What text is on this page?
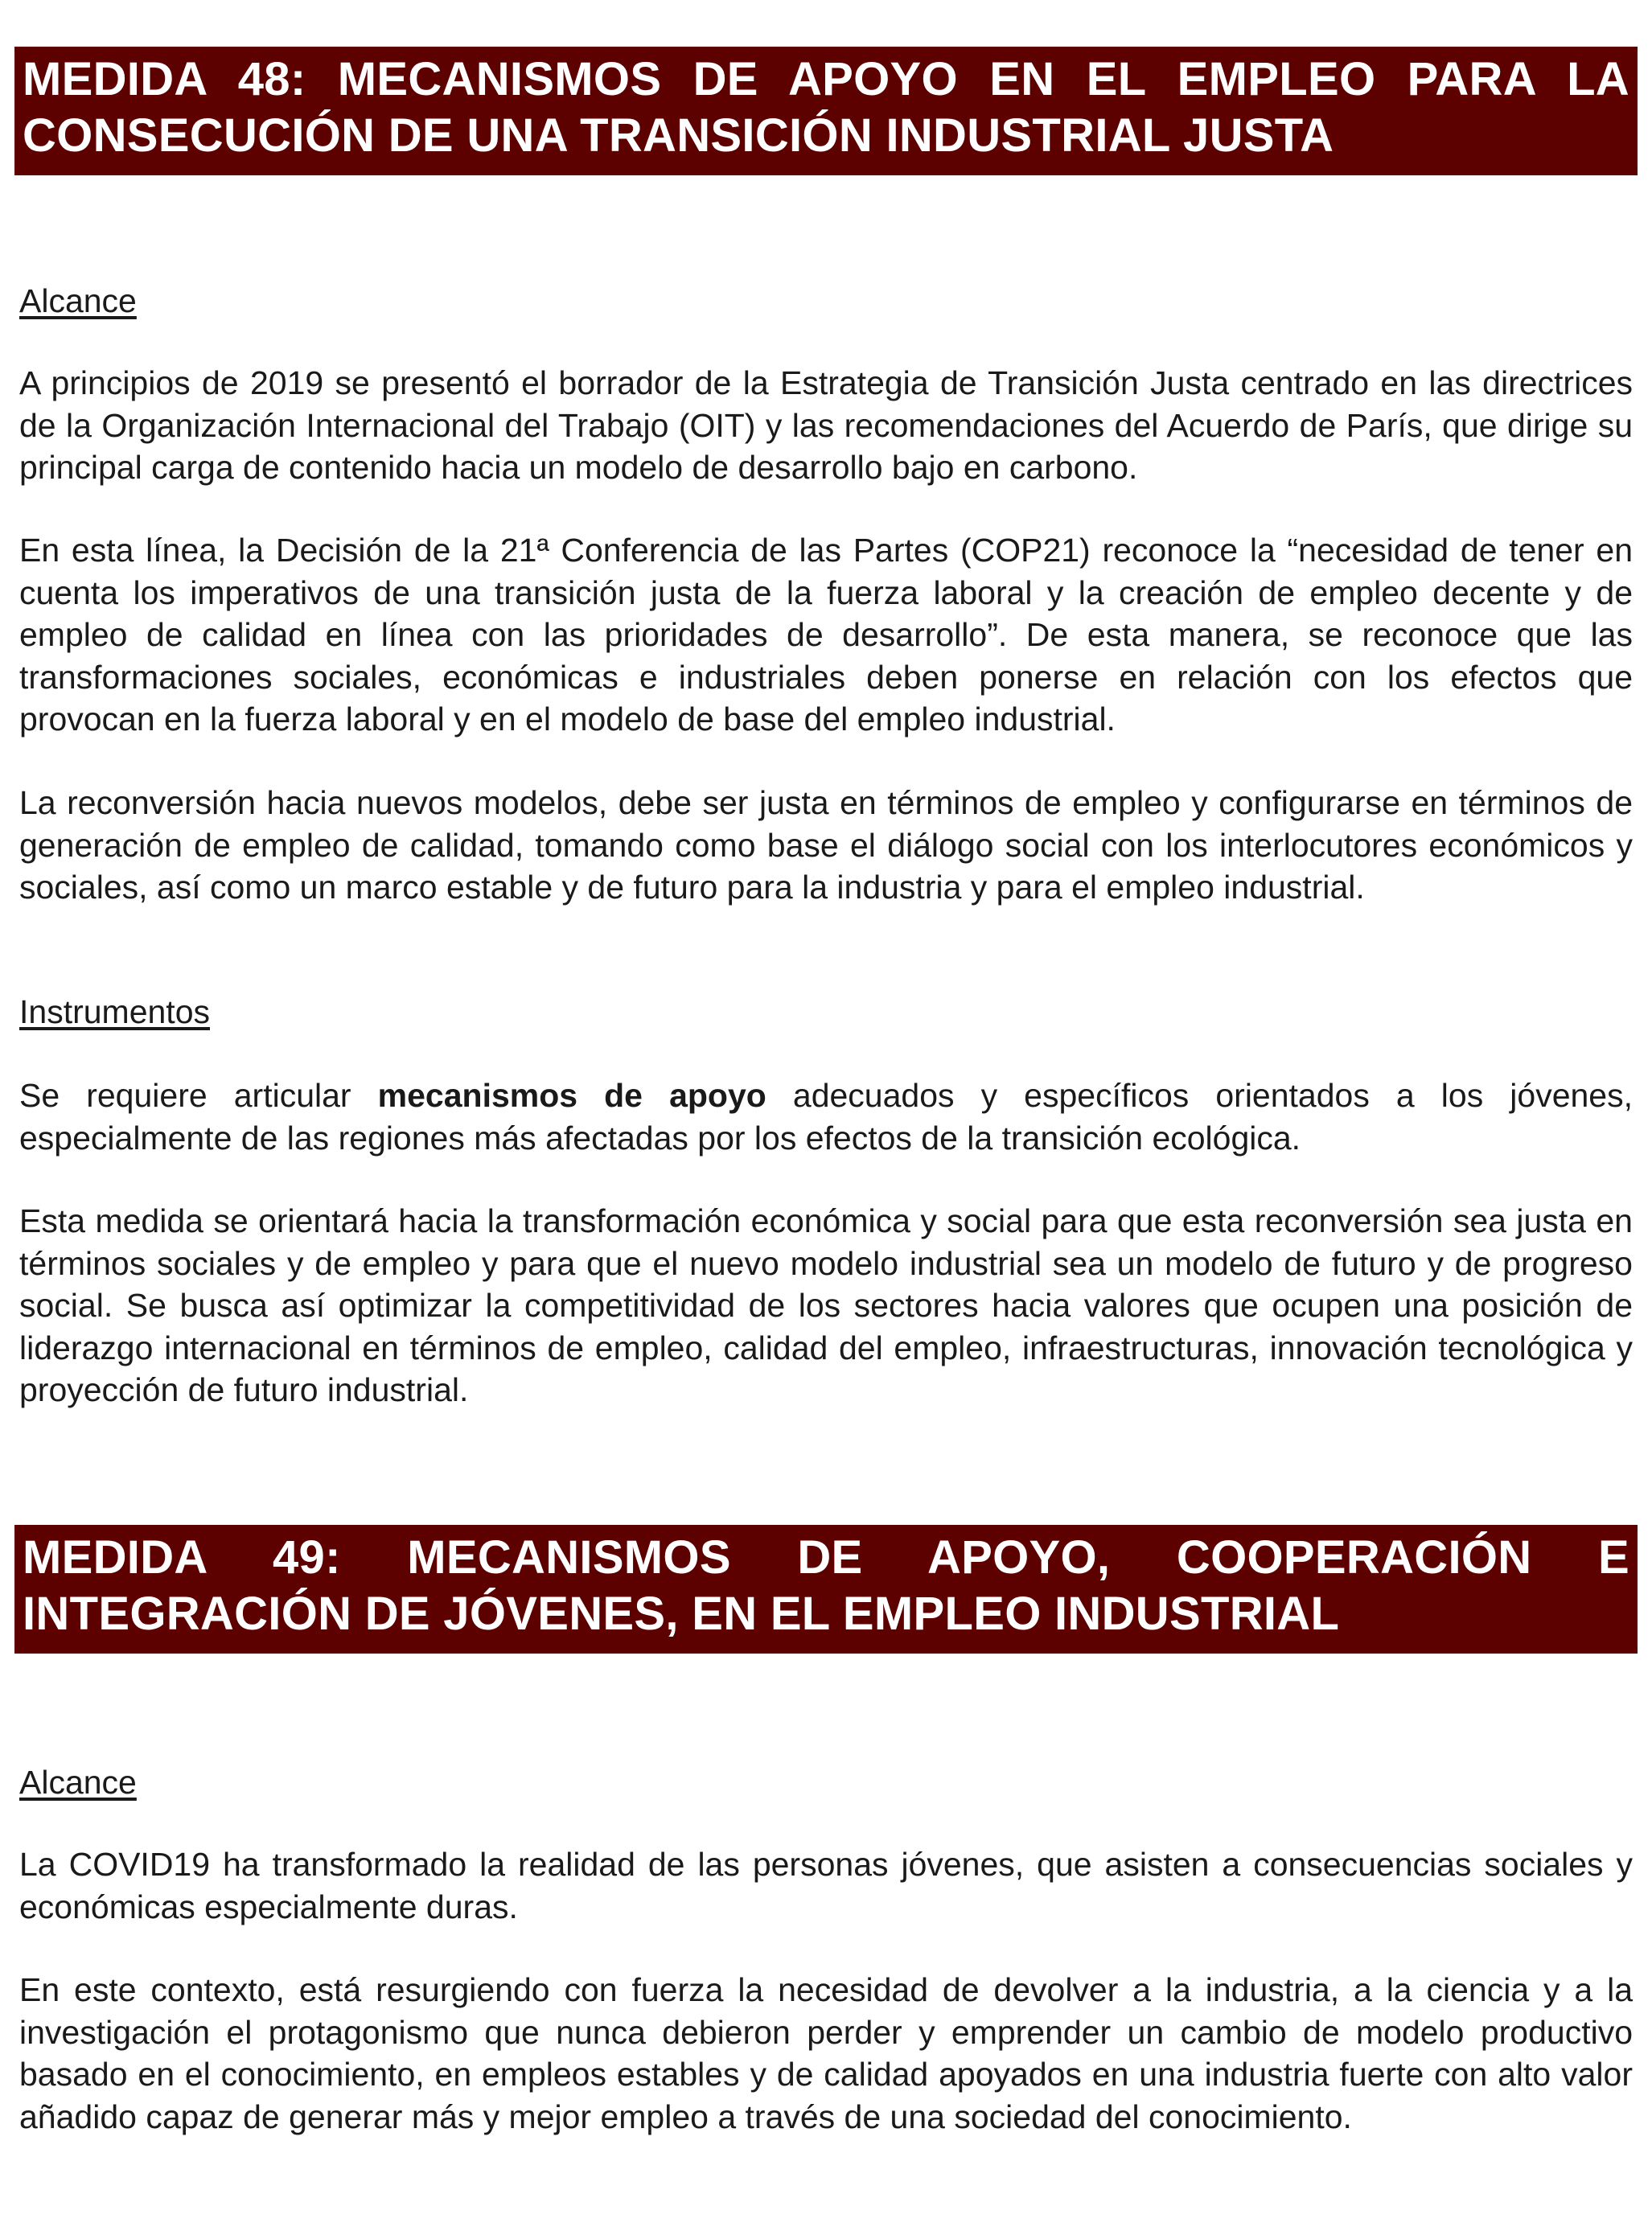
MEDIDA 48: MECANISMOS DE APOYO EN EL EMPLEO PARA LA CONSECUCIÓN DE UNA TRANSICIÓN INDUSTRIAL JUSTA
Alcance

A principios de 2019 se presentó el borrador de la Estrategia de Transición Justa centrado en las directrices de la Organización Internacional del Trabajo (OIT) y las recomendaciones del Acuerdo de París, que dirige su principal carga de contenido hacia un modelo de desarrollo bajo en carbono.

En esta línea, la Decisión de la 21ª Conferencia de las Partes (COP21) reconoce la “necesidad de tener en cuenta los imperativos de una transición justa de la fuerza laboral y la creación de empleo decente y de empleo de calidad en línea con las prioridades de desarrollo”. De esta manera, se reconoce que las transformaciones sociales, económicas e industriales deben ponerse en relación con los efectos que provocan en la fuerza laboral y en el modelo de base del empleo industrial.

La reconversión hacia nuevos modelos, debe ser justa en términos de empleo y configurarse en términos de generación de empleo de calidad, tomando como base el diálogo social con los interlocutores económicos y sociales, así como un marco estable y de futuro para la industria y para el empleo industrial.

Instrumentos

Se requiere articular mecanismos de apoyo adecuados y específicos orientados a los jóvenes, especialmente de las regiones más afectadas por los efectos de la transición ecológica.

Esta medida se orientará hacia la transformación económica y social para que esta reconversión sea justa en términos sociales y de empleo y para que el nuevo modelo industrial sea un modelo de futuro y de progreso social. Se busca así optimizar la competitividad de los sectores hacia valores que ocupen una posición de liderazgo internacional en términos de empleo, calidad del empleo, infraestructuras, innovación tecnológica y proyección de futuro industrial.

MEDIDA 49: MECANISMOS DE APOYO, COOPERACIÓN E INTEGRACIÓN DE JÓVENES, EN EL EMPLEO INDUSTRIAL
Alcance

La COVID19 ha transformado la realidad de las personas jóvenes, que asisten a consecuencias sociales y económicas especialmente duras.

En este contexto, está resurgiendo con fuerza la necesidad de devolver a la industria, a la ciencia y a la investigación el protagonismo que nunca debieron perder y emprender un cambio de modelo productivo basado en el conocimiento, en empleos estables y de calidad apoyados en una industria fuerte con alto valor añadido capaz de generar más y mejor empleo a través de una sociedad del conocimiento.
